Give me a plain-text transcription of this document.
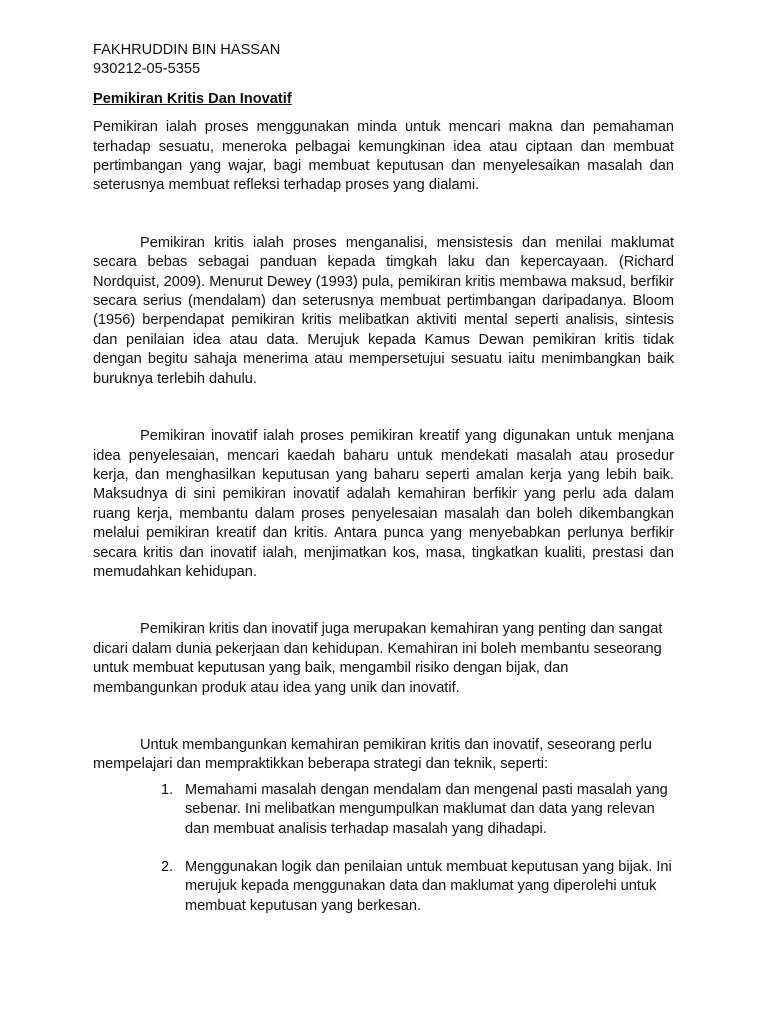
FAKHRUDDIN BIN HASSAN

930212-05-5355

Pemikiran Kritis Dan Inovatif

Pemikiran ialah proses menggunakan minda untuk mencari makna dan pemahaman terhadap sesuatu, meneroka pelbagai kemungkinan idea atau ciptaan dan membuat pertimbangan yang wajar, bagi membuat keputusan dan menyelesaikan masalah dan seterusnya membuat refleksi terhadap proses yang dialami.

Pemikiran kritis ialah proses menganalisi, mensistesis dan menilai maklumat secara bebas sebagai panduan kepada timgkah laku dan kepercayaan. (Richard Nordquist, 2009). Menurut Dewey (1993) pula, pemikiran kritis membawa maksud, berfikir secara serius (mendalam) dan seterusnya membuat pertimbangan daripadanya. Bloom (1956) berpendapat pemikiran kritis melibatkan aktiviti mental seperti analisis, sintesis dan penilaian idea atau data. Merujuk kepada Kamus Dewan pemikiran kritis tidak dengan begitu sahaja menerima atau mempersetujui sesuatu iaitu menimbangkan baik buruknya terlebih dahulu.

Pemikiran inovatif ialah proses pemikiran kreatif yang digunakan untuk menjana idea penyelesaian, mencari kaedah baharu untuk mendekati masalah atau prosedur kerja, dan menghasilkan keputusan yang baharu seperti amalan kerja yang lebih baik. Maksudnya di sini pemikiran inovatif adalah kemahiran berfikir yang perlu ada dalam ruang kerja, membantu dalam proses penyelesaian masalah dan boleh dikembangkan melalui pemikiran kreatif dan kritis. Antara punca yang menyebabkan perlunya berfikir secara kritis dan inovatif ialah, menjimatkan kos, masa, tingkatkan kualiti, prestasi dan memudahkan kehidupan.

Pemikiran kritis dan inovatif juga merupakan kemahiran yang penting dan sangat dicari dalam dunia pekerjaan dan kehidupan. Kemahiran ini boleh membantu seseorang untuk membuat keputusan yang baik, mengambil risiko dengan bijak, dan membangunkan produk atau idea yang unik dan inovatif.

Untuk membangunkan kemahiran pemikiran kritis dan inovatif, seseorang perlu mempelajari dan mempraktikkan beberapa strategi dan teknik, seperti:

1. Memahami masalah dengan mendalam dan mengenal pasti masalah yang sebenar. Ini melibatkan mengumpulkan maklumat dan data yang relevan dan membuat analisis terhadap masalah yang dihadapi.
2. Menggunakan logik dan penilaian untuk membuat keputusan yang bijak. Ini merujuk kepada menggunakan data dan maklumat yang diperolehi untuk membuat keputusan yang berkesan.
